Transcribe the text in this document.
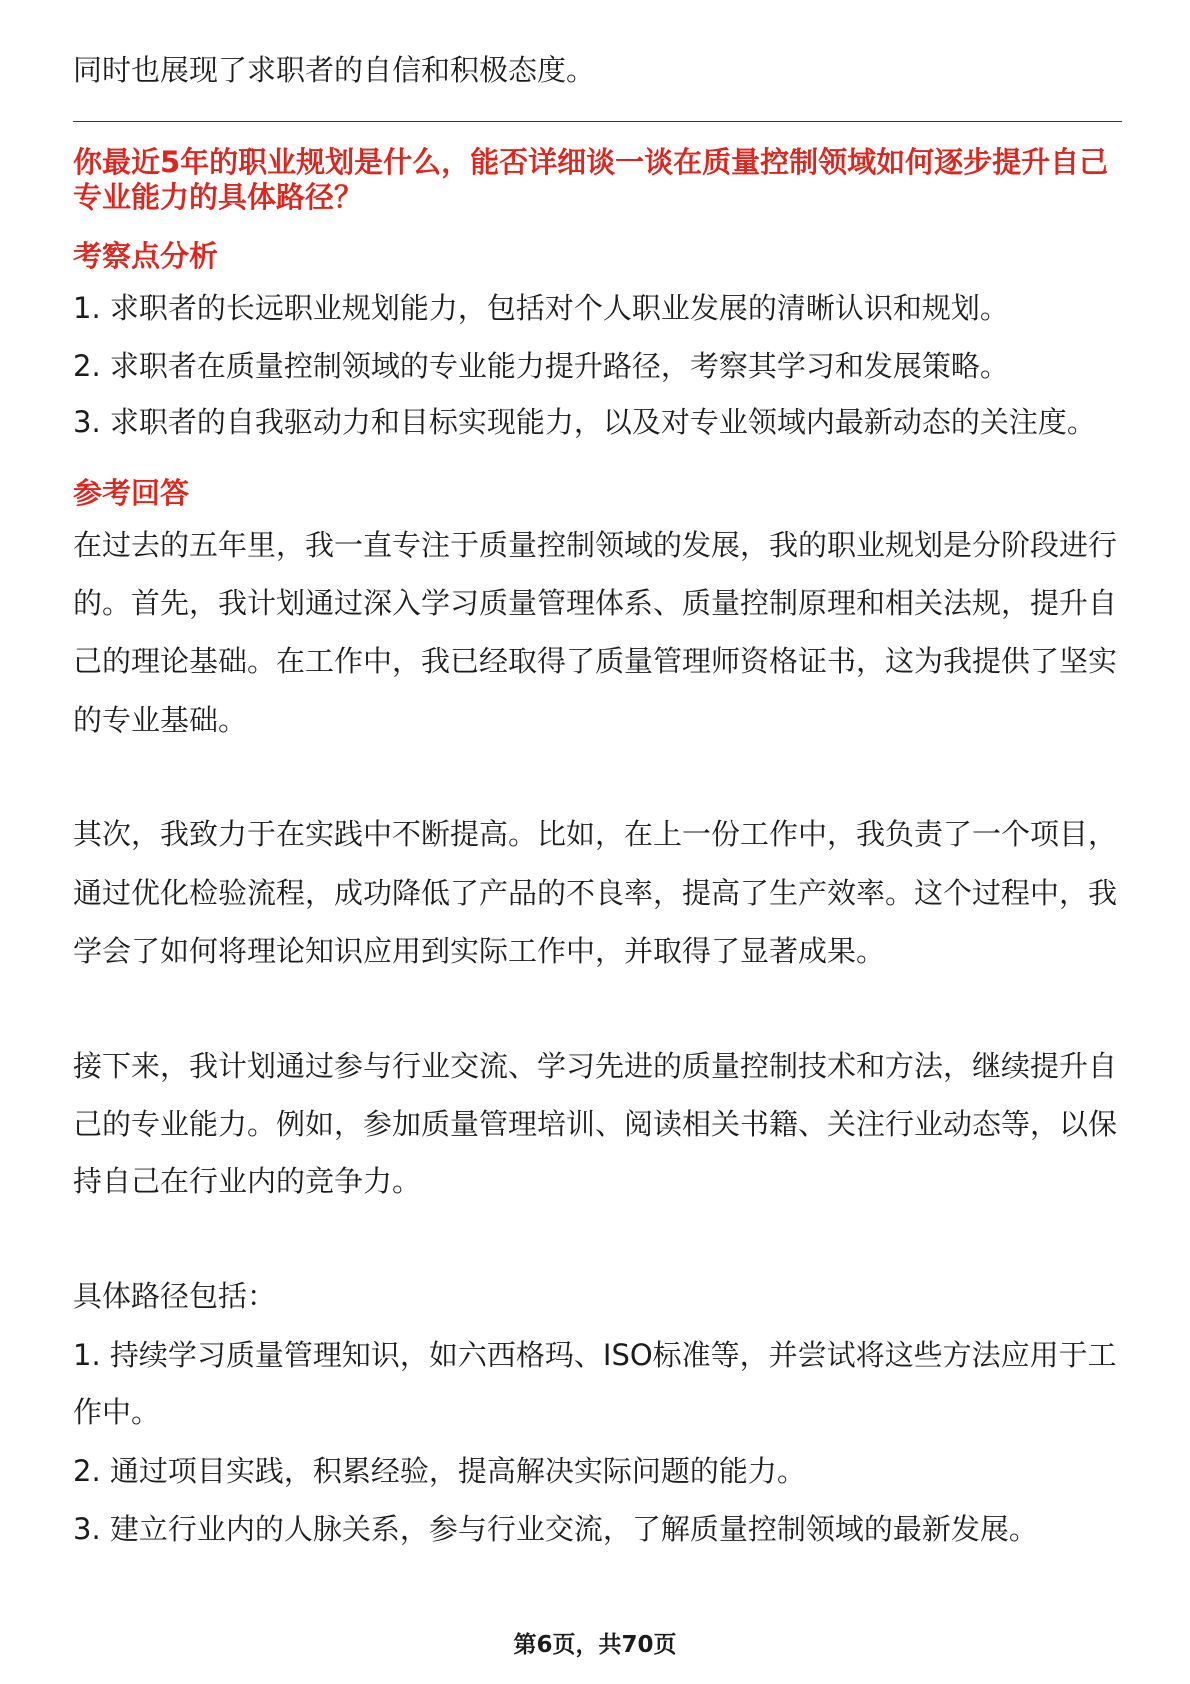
同时也展现了求职者的自信和积极态度。
你最近5年的职业规划是什么，能否详细谈一谈在质量控制领域如何逐步提升自己
专业能力的具体路径？
考察点分析
1. 求职者的长远职业规划能力，包括对个人职业发展的清晰认识和规划。
2. 求职者在质量控制领域的专业能力提升路径，考察其学习和发展策略。
3. 求职者的自我驱动力和目标实现能力，以及对专业领域内最新动态的关注度。
参考回答
在过去的五年里，我一直专注于质量控制领域的发展，我的职业规划是分阶段进行
的。首先，我计划通过深入学习质量管理体系、质量控制原理和相关法规，提升自
己的理论基础。在工作中，我已经取得了质量管理师资格证书，这为我提供了坚实
的专业基础。
其次，我致力于在实践中不断提高。比如，在上一份工作中，我负责了一个项目，
通过优化检验流程，成功降低了产品的不良率，提高了生产效率。这个过程中，我
学会了如何将理论知识应用到实际工作中，并取得了显著成果。
接下来，我计划通过参与行业交流、学习先进的质量控制技术和方法，继续提升自
己的专业能力。例如，参加质量管理培训、阅读相关书籍、关注行业动态等，以保
持自己在行业内的竞争力。
具体路径包括：
1. 持续学习质量管理知识，如六西格玛、ISO标准等，并尝试将这些方法应用于工
作中。
2. 通过项目实践，积累经验，提高解决实际问题的能力。
3. 建立行业内的人脉关系，参与行业交流，了解质量控制领域的最新发展。
第6页，共70页
